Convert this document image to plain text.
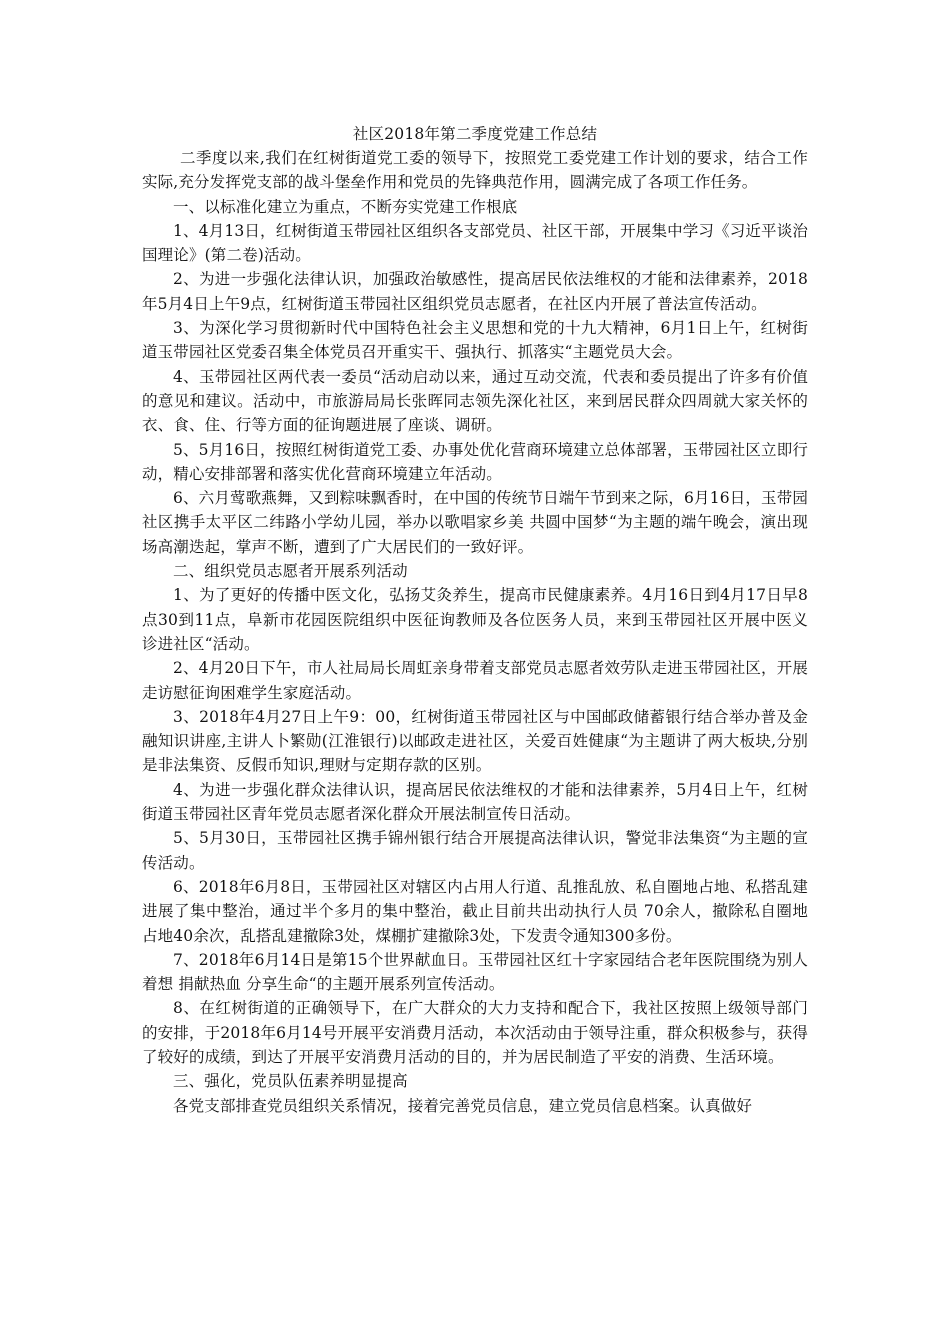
社区2018年第二季度党建工作总结

二季度以来,我们在红树街道党工委的领导下，按照党工委党建工作计划的要求，结合工作实际,充分发挥党支部的战斗堡垒作用和党员的先锋典范作用，圆满完成了各项工作任务。

一、以标准化建立为重点，不断夯实党建工作根底

1、4月13日，红树街道玉带园社区组织各支部党员、社区干部，开展集中学习《习近平谈治国理论》(第二卷)活动。

2、为进一步强化法律认识，加强政治敏感性，提高居民依法维权的才能和法律素养，2018年5月4日上午9点，红树街道玉带园社区组织党员志愿者，在社区内开展了普法宣传活动。

3、为深化学习贯彻新时代中国特色社会主义思想和党的十九大精神，6月1日上午，红树街道玉带园社区党委召集全体党员召开重实干、强执行、抓落实“主题党员大会。

4、玉带园社区两代表一委员“活动启动以来，通过互动交流，代表和委员提出了许多有价值的意见和建议。活动中，市旅游局局长张晖同志领先深化社区，来到居民群众四周就大家关怀的衣、食、住、行等方面的征询题进展了座谈、调研。

5、5月16日，按照红树街道党工委、办事处优化营商环境建立总体部署，玉带园社区立即行动，精心安排部署和落实优化营商环境建立年活动。

6、六月莺歌燕舞，又到粽味飘香时，在中国的传统节日端午节到来之际，6月16日，玉带园社区携手太平区二纬路小学幼儿园，举办以歌唱家乡美 共圆中国梦“为主题的端午晚会，演出现场高潮迭起，掌声不断，遭到了广大居民们的一致好评。

二、组织党员志愿者开展系列活动

1、为了更好的传播中医文化，弘扬艾灸养生，提高市民健康素养。4月16日到4月17日早8点30到11点，阜新市花园医院组织中医征询教师及各位医务人员，来到玉带园社区开展中医义诊进社区“活动。

2、4月20日下午，市人社局局长周虹亲身带着支部党员志愿者效劳队走进玉带园社区，开展走访慰征询困难学生家庭活动。

3、2018年4月27日上午9：00，红树街道玉带园社区与中国邮政储蓄银行结合举办普及金融知识讲座,主讲人卜繁勋(江淮银行)以邮政走进社区，关爱百姓健康“为主题讲了两大板块,分别是非法集资、反假币知识,理财与定期存款的区别。

4、为进一步强化群众法律认识，提高居民依法维权的才能和法律素养，5月4日上午，红树街道玉带园社区青年党员志愿者深化群众开展法制宣传日活动。

5、5月30日，玉带园社区携手锦州银行结合开展提高法律认识，警觉非法集资“为主题的宣传活动。

6、2018年6月8日，玉带园社区对辖区内占用人行道、乱推乱放、私自圈地占地、私搭乱建进展了集中整治，通过半个多月的集中整治，截止目前共出动执行人员 70余人，撤除私自圈地占地40余次，乱搭乱建撤除3处，煤棚扩建撤除3处，下发责令通知300多份。

7、2018年6月14日是第15个世界献血日。玉带园社区红十字家园结合老年医院围绕为别人着想 捐献热血 分享生命“的主题开展系列宣传活动。

8、在红树街道的正确领导下，在广大群众的大力支持和配合下，我社区按照上级领导部门的安排，于2018年6月14号开展平安消费月活动，本次活动由于领导注重，群众积极参与，获得了较好的成绩，到达了开展平安消费月活动的目的，并为居民制造了平安的消费、生活环境。

三、强化，党员队伍素养明显提高

各党支部排查党员组织关系情况，接着完善党员信息，建立党员信息档案。认真做好
